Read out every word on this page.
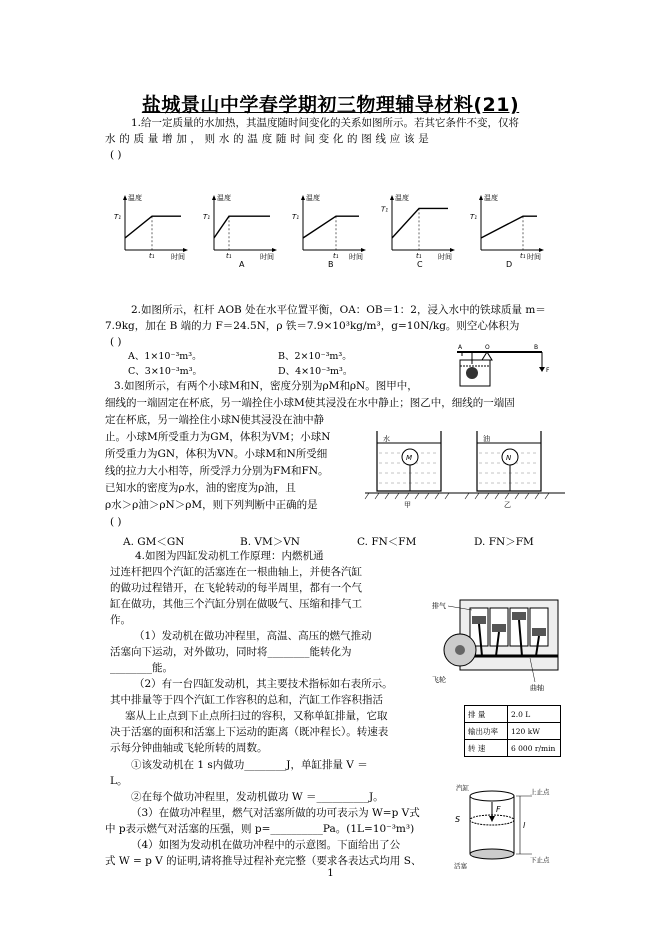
盐城景山中学春学期初三物理辅导材料(21)
1.给一定质量的水加热，其温度随时间变化的关系如图所示。若其它条件不变，仅将
水 的 质 量 增 加 ， 则 水 的 温 度 随 时 间 变 化 的 图 线 应 该 是
( )
T₁
温度
t₁ 时间
T₁
温度
t₁	时间
A
T₁
温度
t₁ 时间
B
T₁
温度
t₁ 时间
C
T₁
温度
t₁ 时间
D
2.如图所示，杠杆 AOB 处在水平位置平衡，OA：OB＝1：2，浸入水中的铁球质量 m＝
7.9kg，加在 B 端的力 F＝24.5N，ρ 铁＝7.9×10³kg/m³，g=10N/kg。则空心体积为
( )
A、1×10⁻³m³。	B、2×10⁻³m³。
C、3×10⁻³m³。	D、4×10⁻³m³。
A	O	B
F
3.如图所示，有两个小球M和N，密度分别为ρM和ρN。图甲中，
细线的一端固定在杯底，另一端拴住小球M使其浸没在水中静止；图乙中，细线的一端固
定在杯底，另一端拴住小球N使其浸没在油中静
止。小球M所受重力为GM，体积为VM；小球N
所受重力为GN，体积为VN。小球M和N所受细
线的拉力大小相等，所受浮力分别为FM和FN。
已知水的密度为ρ水，油的密度为ρ油，且
ρ水＞ρ油＞ρN＞ρM，则下列判断中正确的是
( )
A. GM＜GN	B. VM＞VN	C. FN＜FM	D. FN＞FM
水
M
甲
油
N
乙
4.如图为四缸发动机工作原理：内燃机通
过连杆把四个汽缸的活塞连在一根曲轴上，并使各汽缸
的做功过程错开，在飞轮转动的每半周里，都有一个气
缸在做功，其他三个汽缸分别在做吸气、压缩和排气工
作。
（1）发动机在做功冲程里，高温、高压的燃气推动
活塞向下运动，对外做功，同时将________能转化为
________能。
（2）有一台四缸发动机，其主要技术指标如右表所示。
其中排量等于四个汽缸工作容积的总和，汽缸工作容积指活
塞从上止点到下止点所扫过的容积，又称单缸排量，它取
决于活塞的面积和活塞上下运动的距离（既冲程长）。转速表
示每分钟曲轴或飞轮所转的周数。
①该发动机在 1 s内做功________J，单缸排量 V ＝
L。
②在每个做功冲程里，发动机做功 W ＝__________J。
（3）在做功冲程里，燃气对活塞所做的功可表示为 W=p V式
中 p表示燃气对活塞的压强，则 p=__________Pa。(1L=10⁻³m³)
（4）如图为发动机在做功冲程中的示意图。下面给出了公
式 W = p V 的证明,请将推导过程补充完整（要求各表达式均用 S、
排气
飞轮
曲轴
排 量	2.0 L
输出功率	120 kW
转 速	6 000 r/min
F
S
l
上止点
下止点
汽缸
活塞
1
